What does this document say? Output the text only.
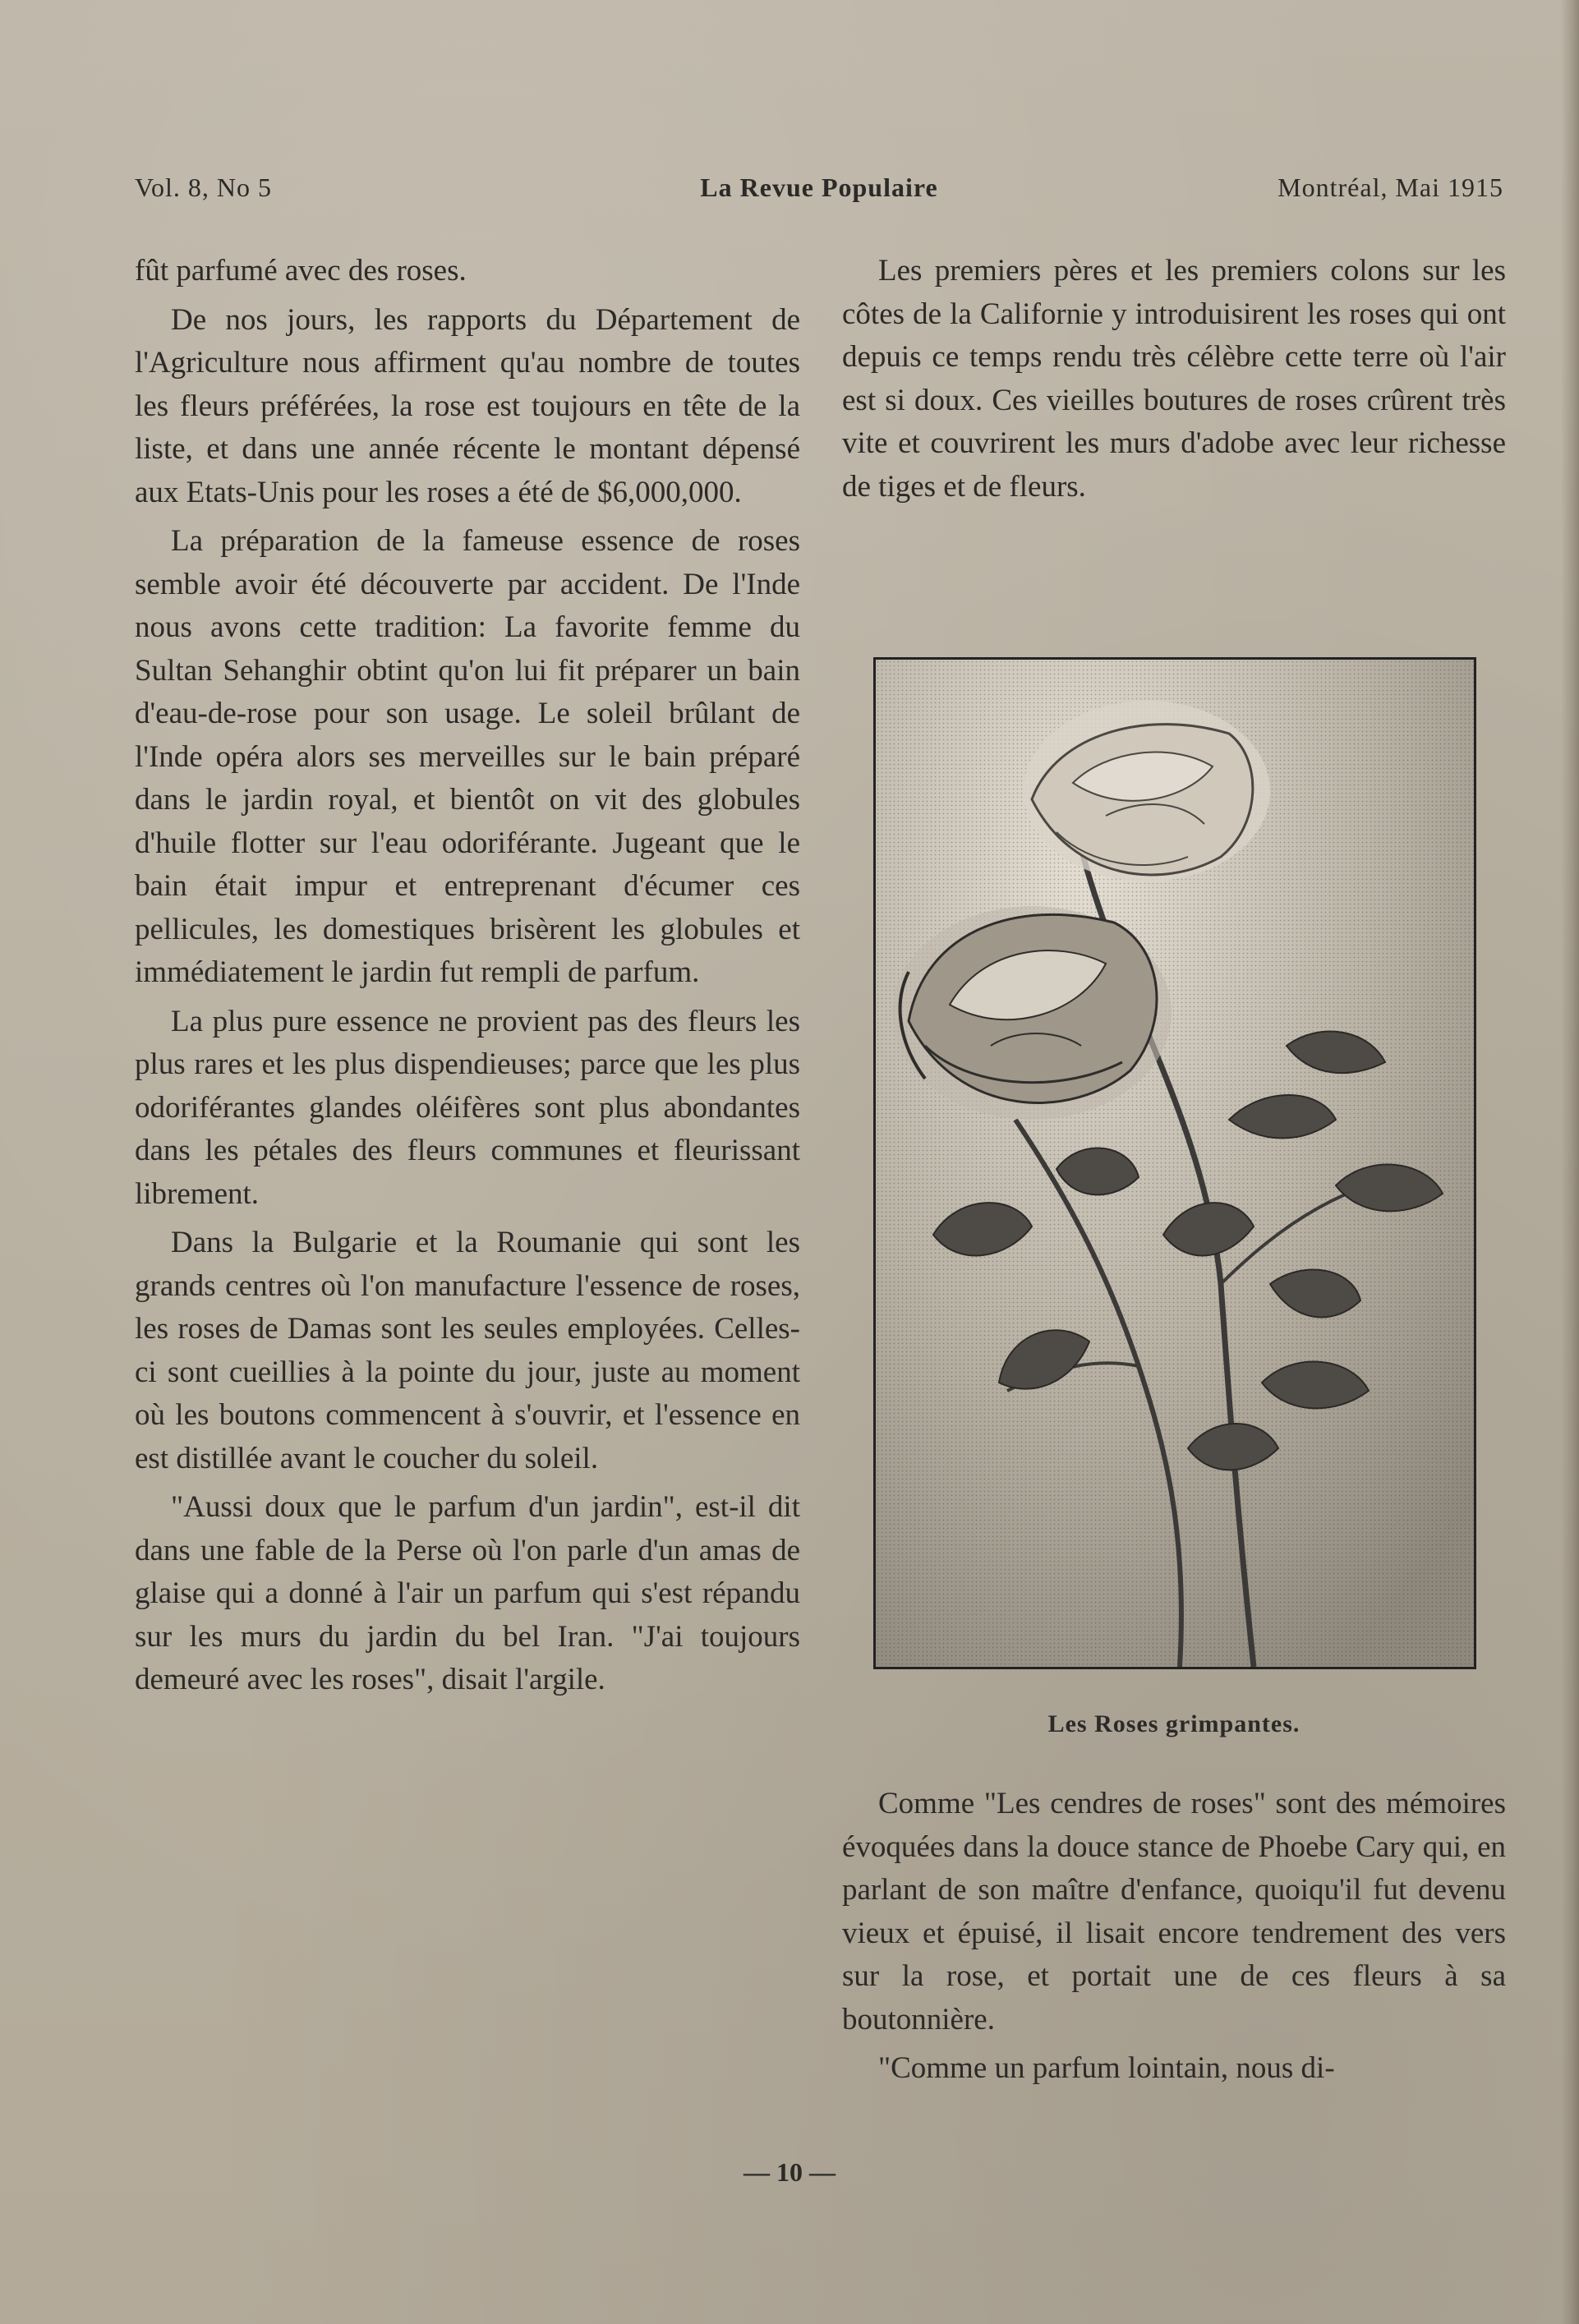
Vol. 8, No 5	La Revue Populaire	Montréal, Mai 1915

fût parfumé avec des roses.

De nos jours, les rapports du Département de l'Agriculture nous affirment qu'au nombre de toutes les fleurs préférées, la rose est toujours en tête de la liste, et dans une année récente le montant dépensé aux Etats-Unis pour les roses a été de $6,000,000.

La préparation de la fameuse essence de roses semble avoir été découverte par accident. De l'Inde nous avons cette tradition: La favorite femme du Sultan Sehanghir obtint qu'on lui fit préparer un bain d'eau-de-rose pour son usage. Le soleil brûlant de l'Inde opéra alors ses merveilles sur le bain préparé dans le jardin royal, et bientôt on vit des globules d'huile flotter sur l'eau odoriférante. Jugeant que le bain était impur et entreprenant d'écumer ces pellicules, les domestiques brisèrent les globules et immédiatement le jardin fut rempli de parfum.

La plus pure essence ne provient pas des fleurs les plus rares et les plus dispendieuses; parce que les plus odoriférantes glandes oléifères sont plus abondantes dans les pétales des fleurs communes et fleurissant librement.

Dans la Bulgarie et la Roumanie qui sont les grands centres où l'on manufacture l'essence de roses, les roses de Damas sont les seules employées. Celles-ci sont cueillies à la pointe du jour, juste au moment où les boutons commencent à s'ouvrir, et l'essence en est distillée avant le coucher du soleil.

"Aussi doux que le parfum d'un jardin", est-il dit dans une fable de la Perse où l'on parle d'un amas de glaise qui a donné à l'air un parfum qui s'est répandu sur les murs du jardin du bel Iran. "J'ai toujours demeuré avec les roses", disait l'argile.

Les premiers pères et les premiers colons sur les côtes de la Californie y introduisirent les roses qui ont depuis ce temps rendu très célèbre cette terre où l'air est si doux. Ces vieilles boutures de roses crûrent très vite et couvrirent les murs d'adobe avec leur richesse de tiges et de fleurs.

Les Roses grimpantes.

Comme "Les cendres de roses" sont des mémoires évoquées dans la douce stance de Phoebe Cary qui, en parlant de son maître d'enfance, quoiqu'il fut devenu vieux et épuisé, il lisait encore tendrement des vers sur la rose, et portait une de ces fleurs à sa boutonnière.

"Comme un parfum lointain, nous di-

— 10 —
